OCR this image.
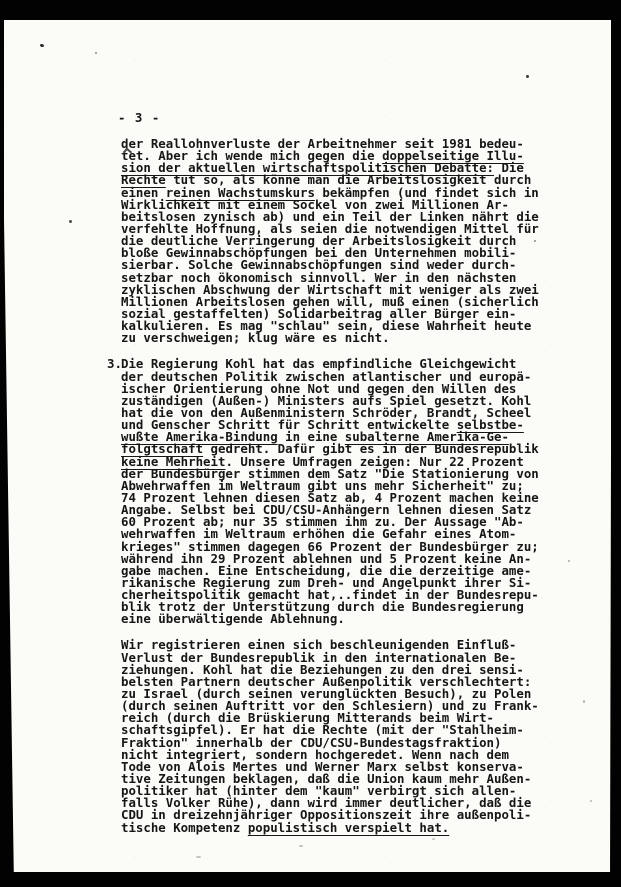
- 3 -
der Reallohnverluste der Arbeitnehmer seit 1981 bedeu-
tet. Aber ich wende mich gegen die doppelseitige Illu-
sion der aktuellen wirtschaftspolitischen Debatte: Die
Rechte tut so, als könne man die Arbeitslosigkeit durch
einen reinen Wachstumskurs bekämpfen (und findet sich in
Wirklichkeit mit einem Sockel von zwei Millionen Ar-
beitslosen zynisch ab) und ein Teil der Linken nährt die
verfehlte Hoffnung, als seien die notwendigen Mittel für
die deutliche Verringerung der Arbeitslosigkeit durch
bloße Gewinnabschöpfungen bei den Unternehmen mobili-
sierbar. Solche Gewinnabschöpfungen sind weder durch-
setzbar noch ökonomisch sinnvoll. Wer in den nächsten
zyklischen Abschwung der Wirtschaft mit weniger als zwei
Millionen Arbeitslosen gehen will, muß einen (sicherlich
sozial gestaffelten) Solidarbeitrag aller Bürger ein-
kalkulieren. Es mag "schlau" sein, diese Wahrheit heute
zu verschweigen; klug wäre es nicht.
3. Die Regierung Kohl hat das empfindliche Gleichgewicht
der deutschen Politik zwischen atlantischer und europä-
ischer Orientierung ohne Not und gegen den Willen des
zuständigen (Außen-) Ministers aufs Spiel gesetzt. Kohl
hat die von den Außenministern Schröder, Brandt, Scheel
und Genscher Schritt für Schritt entwickelte selbstbe-
wußte Amerika-Bindung in eine subalterne Amerika-Ge-
folgtschaft gedreht. Dafür gibt es in der Bundesrepublik
keine Mehrheit. Unsere Umfragen zeigen: Nur 22 Prozent
der Bundesbürger stimmen dem Satz "Die Stationierung von
Abwehrwaffen im Weltraum gibt uns mehr Sicherheit" zu;
74 Prozent lehnen diesen Satz ab, 4 Prozent machen keine
Angabe. Selbst bei CDU/CSU-Anhängern lehnen diesen Satz
60 Prozent ab; nur 35 stimmen ihm zu. Der Aussage "Ab-
wehrwaffen im Weltraum erhöhen die Gefahr eines Atom-
krieges" stimmen dagegen 66 Prozent der Bundesbürger zu;
während ihn 29 Prozent ablehnen und 5 Prozent keine An-
gabe machen. Eine Entscheidung, die die derzeitige ame-
rikanische Regierung zum Dreh- und Angelpunkt ihrer Si-
cherheitspolitik gemacht hat,..findet in der Bundesrepu-
blik trotz der Unterstützung durch die Bundesregierung
eine überwältigende Ablehnung.
Wir registrieren einen sich beschleunigenden Einfluß-
Verlust der Bundesrepublik in den internationalen Be-
ziehungen. Kohl hat die Beziehungen zu den drei sensi-
belsten Partnern deutscher Außenpolitik verschlechtert:
zu Israel (durch seinen verunglückten Besuch), zu Polen
(durch seinen Auftritt vor den Schlesiern) und zu Frank-
reich (durch die Brüskierung Mitterands beim Wirt-
schaftsgipfel). Er hat die Rechte (mit der "Stahlheim-
Fraktion" innerhalb der CDU/CSU-Bundestagsfraktion)
nicht integriert, sondern hochgeredet. Wenn nach dem
Tode von Alois Mertes und Werner Marx selbst konserva-
tive Zeitungen beklagen, daß die Union kaum mehr Außen-
politiker hat (hinter dem "kaum" verbirgt sich allen-
falls Volker Rühe), dann wird immer deutlicher, daß die
CDU in dreizehnjähriger Oppositionszeit ihre außenpoli-
tische Kompetenz populistisch verspielt hat.
